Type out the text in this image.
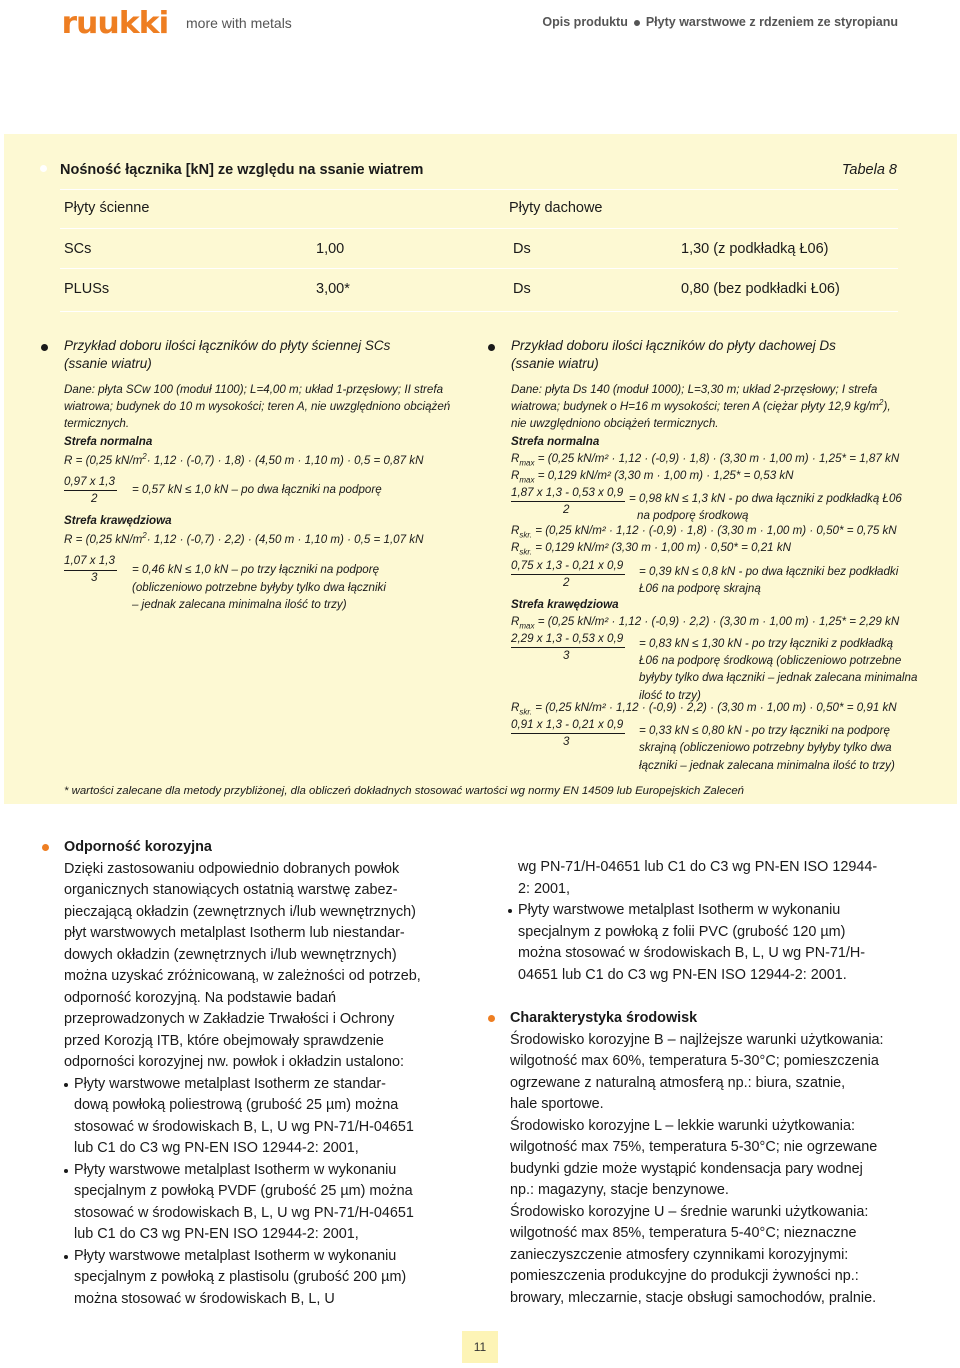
ruukki more with metals	Opis produktu Płyty warstwowe z rdzeniem ze styropianu
Nośność łącznika [kN] ze względu na ssanie wiatrem	Tabela 8
Płyty ścienne	Płyty dachowe
SCs	1,00	Ds	1,30 (z podkładką Ł06)
PLUSs	3,00*	Ds	0,80 (bez podkładki Ł06)
Przykład doboru ilości łączników do płyty ściennej SCs
(ssanie wiatru)
Dane: płyta SCw 100 (moduł 1100); L=4,00 m; układ 1-przęsłowy; II strefa
wiatrowa; budynek do 10 m wysokości; teren A, nie uwzględniono obciążeń
termicznych.
Strefa normalna
R = (0,25 $kN/m^2\cdot 1,12 \cdot (-0,7) \cdot 1,8) \cdot (4,50$ m · 1,10 m) · 0,5 = 0,87 kN
0,97 x 1,3
= 0,57 kN ≤ 1,0 kN – po dwa łączniki na podporę
2
Strefa krawędziowa
R = (0,25 $kN/m^2\cdot 1,12 \cdot (-0,7) \cdot 2,2) \cdot (4,50$ m · 1,10 m) · 0,5 = 1,07 kN
1,07 x 1,3
3
= 0,46 kN ≤ 1,0 kN – po trzy łączniki na podporę
(obliczeniowo potrzebne byłyby tylko dwa łączniki
– jednak zalecana minimalna ilość to trzy)
Przykład doboru ilości łączników do płyty dachowej Ds
(ssanie wiatru)
Dane: płyta Ds 140 (moduł 1000); L=3,30 m; układ 2-przęsłowy; I strefa
wiatrowa; budynek o H=16 m wysokości; teren A (ciężar płyty 12,9 $kg/m^2$),
nie uwzględniono obciążeń termicznych.
Strefa normalna
$R_{max} = (0,25$ kN/m² · 1,12 · (-0,9) · 1,8) · (3,30 m · 1,00 m) · 1,25* = 1,87 kN
$R_{max} = 0,129$ kN/m² (3,30 m · 1,00 m) · 1,25* = 0,53 kN
1,87 x 1,3 - 0,53 x 0,9
2
= 0,98 kN ≤ 1,3 kN - po dwa łączniki z podkładką Ł06
na podporę środkową
$R_{skr.} = (0,25$ kN/m² · 1,12 · (-0,9) · 1,8) · (3,30 m · 1,00 m) · 0,50* = 0,75 kN
$R_{skr.} = 0,129$ kN/m² (3,30 m · 1,00 m) · 0,50* = 0,21 kN
0,75 x 1,3 - 0,21 x 0,9
2
= 0,39 kN ≤ 0,8 kN - po dwa łączniki bez podkładki
Ł06 na podporę skrajną
Strefa krawędziowa
$R_{max} = (0,25$ kN/m² · 1,12 · (-0,9) · 2,2) · (3,30 m · 1,00 m) · 1,25* = 2,29 kN
2,29 x 1,3 - 0,53 x 0,9
3
= 0,83 kN ≤ 1,30 kN - po trzy łączniki z podkładką
Ł06 na podporę środkową (obliczeniowo potrzebne
byłyby tylko dwa łączniki – jednak zalecana minimalna
ilość to trzy)
$R_{skr.} = (0,25$ kN/m² · 1,12 · (-0,9) · 2,2) · (3,30 m · 1,00 m) · 0,50* = 0,91 kN
0,91 x 1,3 - 0,21 x 0,9
3
= 0,33 kN ≤ 0,80 kN - po trzy łączniki na podporę
skrajną (obliczeniowo potrzebny byłyby tylko dwa
łączniki – jednak zalecana minimalna ilość to trzy)
* wartości zalecane dla metody przybliżonej, dla obliczeń dokładnych stosować wartości wg normy EN 14509 lub Europejskich Zaleceń
Odporność korozyjna
Dzięki zastosowaniu odpowiednio dobranych powłok
organicznych stanowiących ostatnią warstwę zabez-
pieczającą okładzin (zewnętrznych i/lub wewnętrznych)
płyt warstwowych metalplast Isotherm lub niestandar-
dowych okładzin (zewnętrznych i/lub wewnętrznych)
można uzyskać zróżnicowaną, w zależności od potrzeb,
odporność korozyjną. Na podstawie badań
przeprowadzonych w Zakładzie Trwałości i Ochrony
przed Korozją ITB, które obejmowały sprawdzenie
odporności korozyjnej nw. powłok i okładzin ustalono:
Płyty warstwowe metalplast Isotherm ze standar-
dową powłoką poliestrową (grubość 25 µm) można
stosować w środowiskach B, L, U wg PN-71/H-04651
lub C1 do C3 wg PN-EN ISO 12944-2: 2001,
Płyty warstwowe metalplast Isotherm w wykonaniu
specjalnym z powłoką PVDF (grubość 25 µm) można
stosować w środowiskach B, L, U wg PN-71/H-04651
lub C1 do C3 wg PN-EN ISO 12944-2: 2001,
Płyty warstwowe metalplast Isotherm w wykonaniu
specjalnym z powłoką z plastisolu (grubość 200 µm)
można stosować w środowiskach B, L, U
wg PN-71/H-04651 lub C1 do C3 wg PN-EN ISO 12944-
2: 2001,
Płyty warstwowe metalplast Isotherm w wykonaniu
specjalnym z powłoką z folii PVC (grubość 120 µm)
można stosować w środowiskach B, L, U wg PN-71/H-
04651 lub C1 do C3 wg PN-EN ISO 12944-2: 2001.
Charakterystyka środowisk
Środowisko korozyjne B – najlżejsze warunki użytkowania:
wilgotność max 60%, temperatura 5-30°C; pomieszczenia
ogrzewane z naturalną atmosferą np.: biura, szatnie,
hale sportowe.
Środowisko korozyjne L – lekkie warunki użytkowania:
wilgotność max 75%, temperatura 5-30°C; nie ogrzewane
budynki gdzie może wystąpić kondensacja pary wodnej
np.: magazyny, stacje benzynowe.
Środowisko korozyjne U – średnie warunki użytkowania:
wilgotność max 85%, temperatura 5-40°C; nieznaczne
zanieczyszczenie atmosfery czynnikami korozyjnymi:
pomieszczenia produkcyjne do produkcji żywności np.:
browary, mleczarnie, stacje obsługi samochodów, pralnie.
11
